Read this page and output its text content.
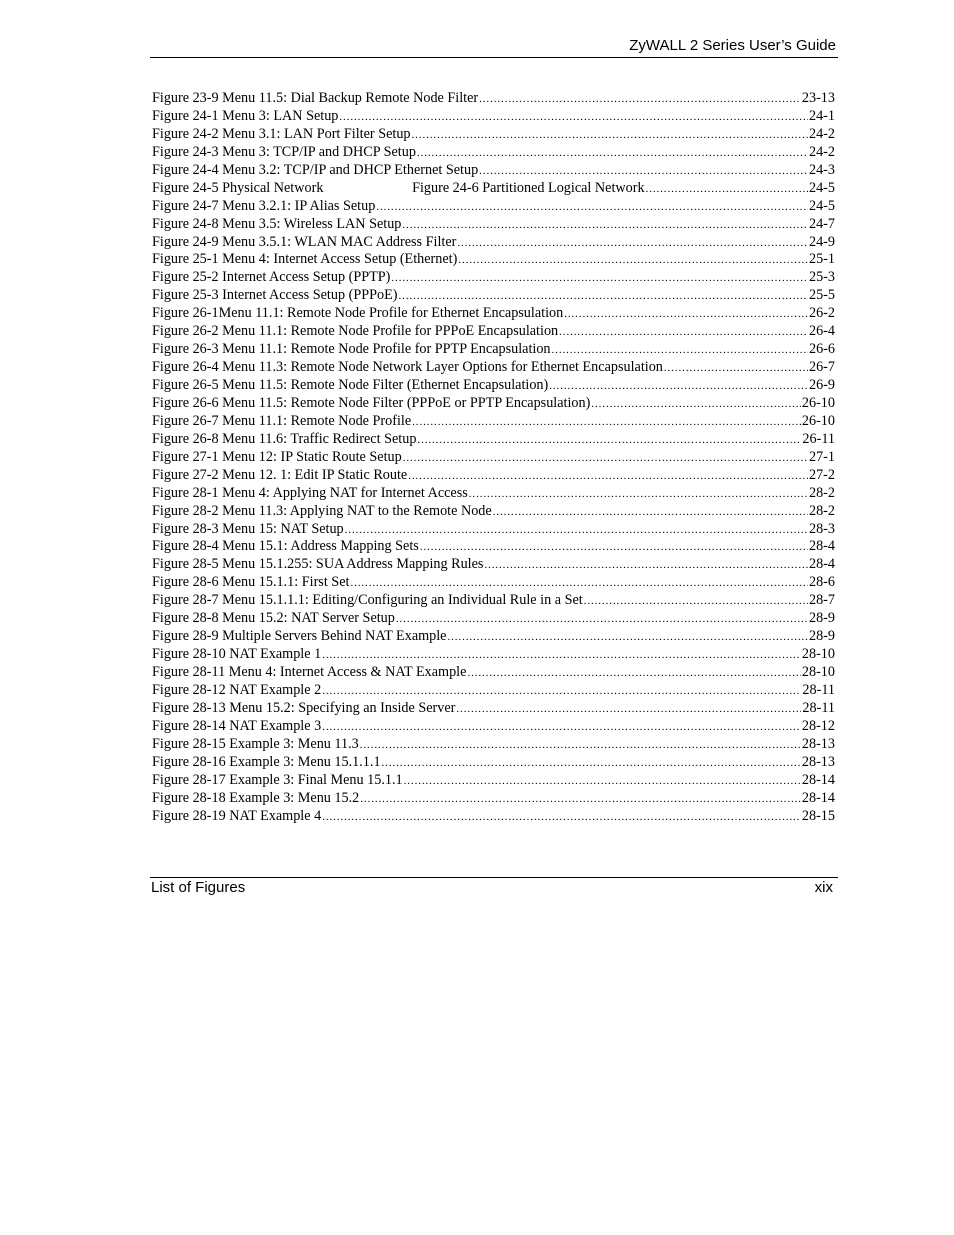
ZyWALL 2 Series User’s Guide
Figure 23-9 Menu 11.5: Dial Backup Remote Node Filter .....	23-13
Figure 24-1 Menu 3: LAN Setup .....	24-1
Figure 24-2 Menu 3.1: LAN Port Filter Setup .....	24-2
Figure 24-3 Menu 3: TCP/IP and DHCP Setup .....	24-2
Figure 24-4 Menu 3.2: TCP/IP and DHCP Ethernet Setup .....	24-3
Figure 24-5 Physical Network                         Figure 24-6 Partitioned Logical Network .....	24-5
Figure 24-7 Menu 3.2.1: IP Alias Setup .....	24-5
Figure 24-8 Menu 3.5: Wireless LAN Setup .....	24-7
Figure 24-9 Menu 3.5.1: WLAN MAC Address Filter .....	24-9
Figure 25-1 Menu 4: Internet Access Setup (Ethernet) .....	25-1
Figure 25-2 Internet Access Setup (PPTP) .....	25-3
Figure 25-3 Internet Access Setup (PPPoE) .....	25-5
Figure 26-1Menu 11.1: Remote Node Profile for Ethernet Encapsulation .....	26-2
Figure 26-2 Menu 11.1: Remote Node Profile for PPPoE Encapsulation .....	26-4
Figure 26-3 Menu 11.1: Remote Node Profile for PPTP Encapsulation .....	26-6
Figure 26-4 Menu 11.3: Remote Node Network Layer Options for Ethernet Encapsulation .....	26-7
Figure 26-5 Menu 11.5: Remote Node Filter (Ethernet Encapsulation) .....	26-9
Figure 26-6 Menu 11.5: Remote Node Filter (PPPoE or PPTP Encapsulation) .....	26-10
Figure 26-7 Menu 11.1: Remote Node Profile .....	26-10
Figure 26-8 Menu 11.6: Traffic Redirect Setup .....	26-11
Figure 27-1 Menu 12: IP Static Route Setup .....	27-1
Figure 27-2 Menu 12. 1: Edit IP Static Route .....	27-2
Figure 28-1 Menu 4: Applying NAT for Internet Access .....	28-2
Figure 28-2 Menu 11.3: Applying NAT to the Remote Node .....	28-2
Figure 28-3 Menu 15: NAT Setup .....	28-3
Figure 28-4 Menu 15.1: Address Mapping Sets .....	28-4
Figure 28-5 Menu 15.1.255: SUA Address Mapping Rules .....	28-4
Figure 28-6 Menu 15.1.1: First Set .....	28-6
Figure 28-7 Menu 15.1.1.1: Editing/Configuring an Individual Rule in a Set .....	28-7
Figure 28-8 Menu 15.2: NAT Server Setup .....	28-9
Figure 28-9 Multiple Servers Behind NAT Example .....	28-9
Figure 28-10 NAT Example 1 .....	28-10
Figure 28-11 Menu 4: Internet Access & NAT Example .....	28-10
Figure 28-12 NAT Example 2 .....	28-11
Figure 28-13 Menu 15.2: Specifying an Inside Server .....	28-11
Figure 28-14 NAT Example 3 .....	28-12
Figure 28-15 Example 3: Menu 11.3 .....	28-13
Figure 28-16 Example 3: Menu 15.1.1.1 .....	28-13
Figure 28-17 Example 3: Final Menu 15.1.1 .....	28-14
Figure 28-18 Example 3: Menu 15.2 .....	28-14
Figure 28-19 NAT Example 4 .....	28-15
List of Figures	xix
